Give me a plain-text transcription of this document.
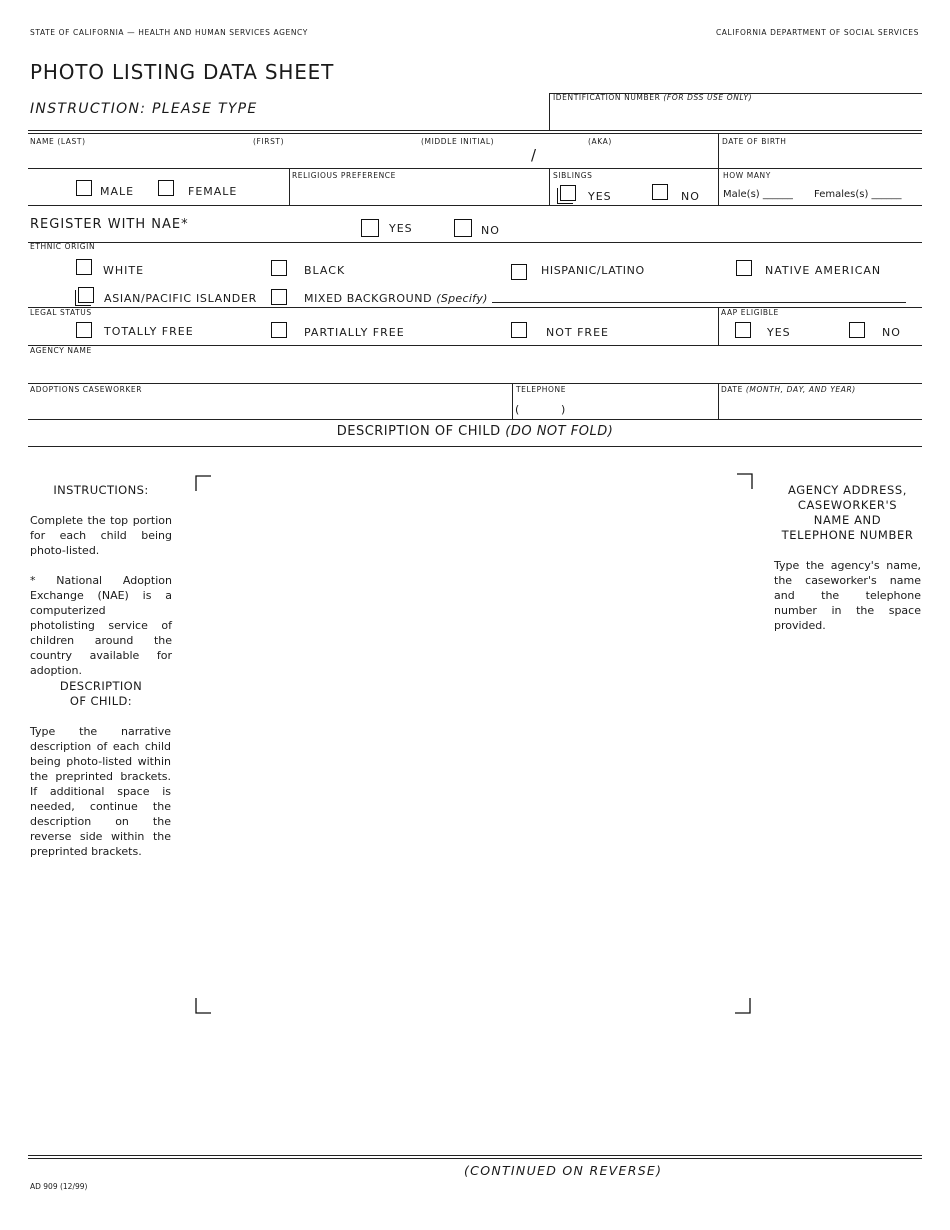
STATE OF CALIFORNIA — HEALTH AND HUMAN SERVICES AGENCY	CALIFORNIA DEPARTMENT OF SOCIAL SERVICES
PHOTO LISTING DATA SHEET
INSTRUCTION: PLEASE TYPE
IDENTIFICATION NUMBER (FOR DSS USE ONLY)
NAME (LAST)	(FIRST)	(MIDDLE INITIAL)	(AKA)
/
DATE OF BIRTH
MALE	FEMALE
RELIGIOUS PREFERENCE	SIBLINGS
YES	NO
HOW MANY
Male(s) ______ Females(s) ______
REGISTER WITH NAE*	YES	NO
ETHNIC ORIGIN
WHITE	BLACK	HISPANIC/LATINO	NATIVE AMERICAN
ASIAN/PACIFIC ISLANDER	MIXED BACKGROUND (Specify)
LEGAL STATUS
TOTALLY FREE	PARTIALLY FREE	NOT FREE
AAP ELIGIBLE
YES	NO
AGENCY NAME
ADOPTIONS CASEWORKER	TELEPHONE
(	)
DATE (MONTH, DAY, AND YEAR)
DESCRIPTION OF CHILD (DO NOT FOLD)
INSTRUCTIONS:
Complete the top portion for each child being photo-listed.
* National Adoption Exchange (NAE) is a computerized photolisting service of children around the country available for adoption.
DESCRIPTION
OF CHILD:
Type the narrative description of each child being photo-listed within the preprinted brackets. If additional space is needed, continue the description on the reverse side within the preprinted brackets.
AGENCY ADDRESS,
CASEWORKER'S
NAME AND
TELEPHONE NUMBER
Type the agency's name, the caseworker's name and the telephone number in the space provided.
(CONTINUED ON REVERSE)
AD 909 (12/99)
